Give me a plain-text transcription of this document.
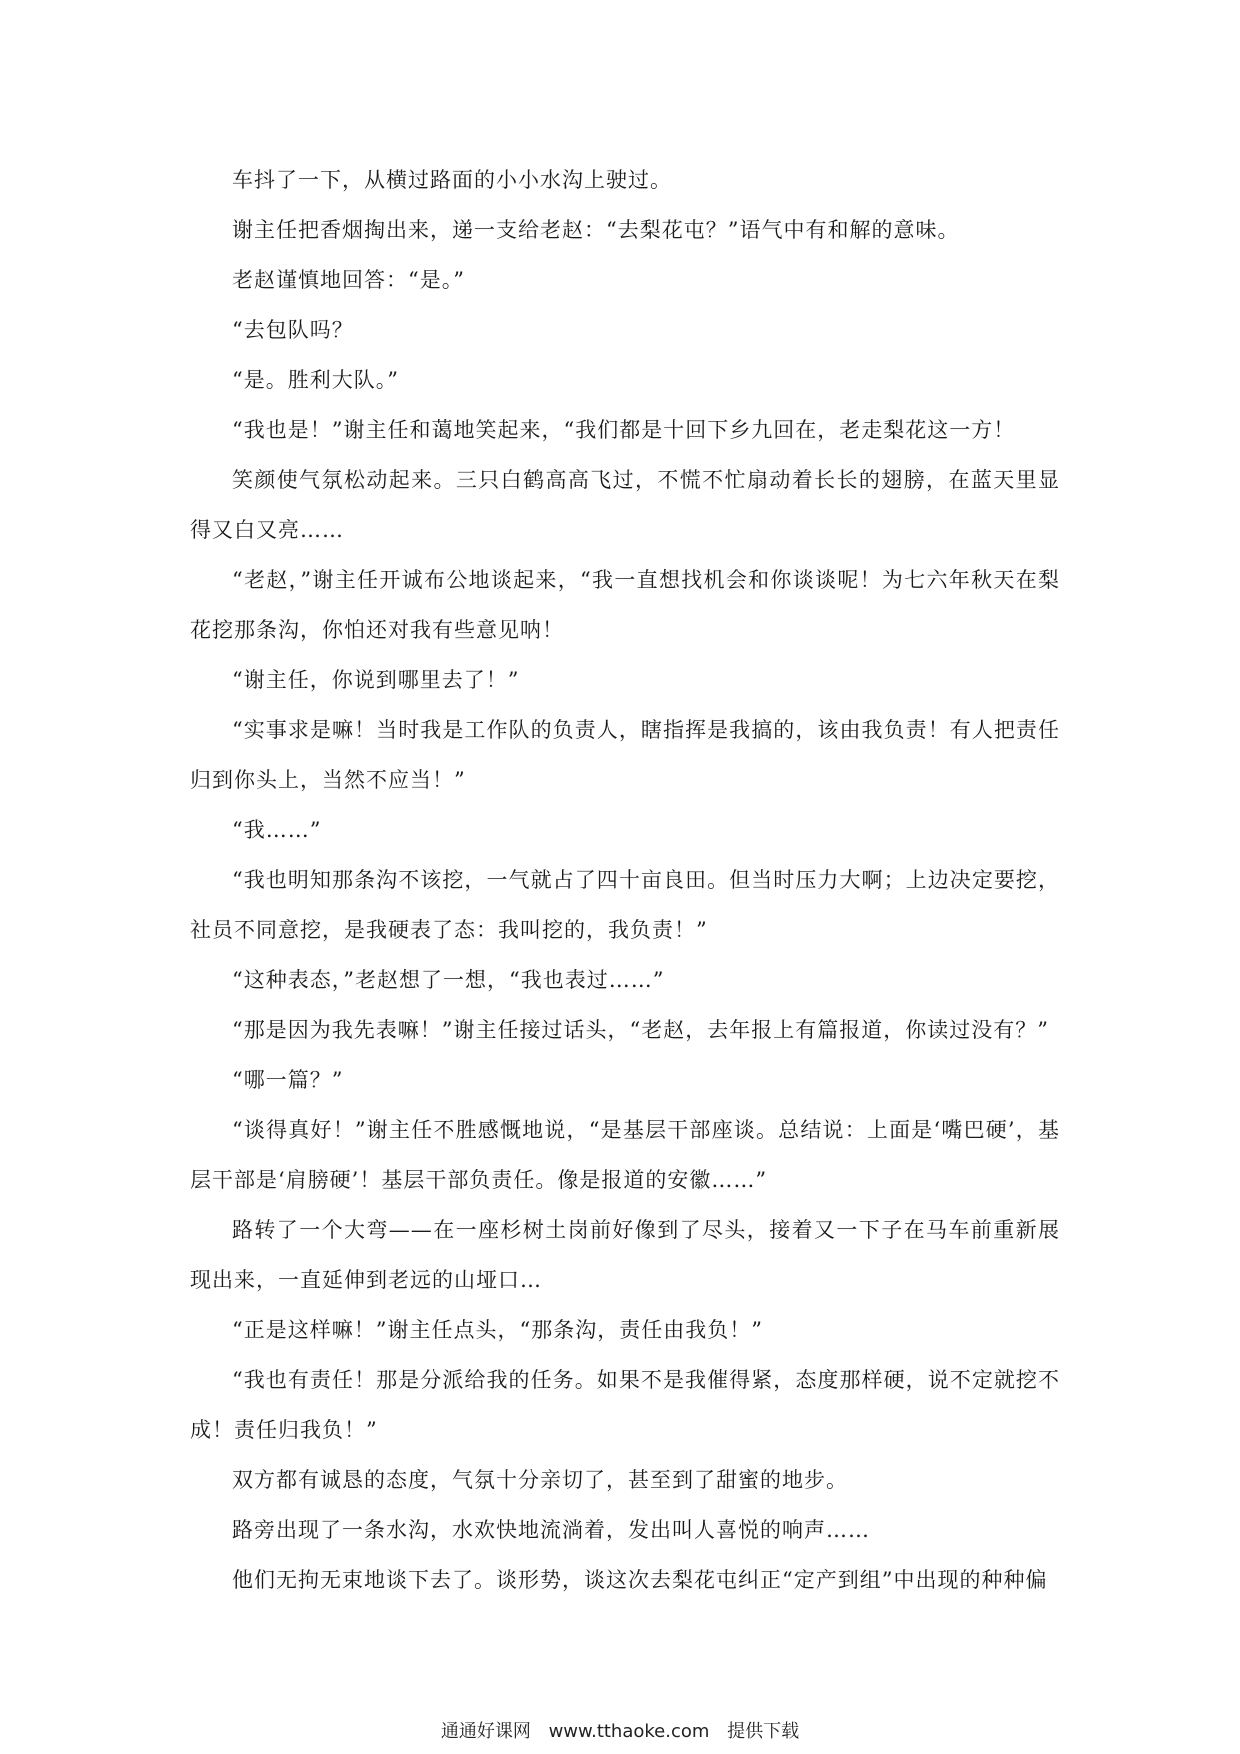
车抖了一下，从横过路面的小小水沟上驶过。

谢主任把香烟掏出来，递一支给老赵：“去梨花屯？”语气中有和解的意味。

老赵谨慎地回答：“是。”

“去包队吗？

“是。胜利大队。”

“我也是！”谢主任和蔼地笑起来，“我们都是十回下乡九回在，老走梨花这一方！

笑颜使气氛松动起来。三只白鹤高高飞过，不慌不忙扇动着长长的翅膀，在蓝天里显得又白又亮……

“老赵，”谢主任开诚布公地谈起来，“我一直想找机会和你谈谈呢！为七六年秋天在梨花挖那条沟，你怕还对我有些意见呐！

“谢主任，你说到哪里去了！”

“实事求是嘛！当时我是工作队的负责人，瞎指挥是我搞的，该由我负责！有人把责任归到你头上，当然不应当！”

“我……”

“我也明知那条沟不该挖，一气就占了四十亩良田。但当时压力大啊；上边决定要挖，社员不同意挖，是我硬表了态：我叫挖的，我负责！”

“这种表态，”老赵想了一想，“我也表过……”

“那是因为我先表嘛！”谢主任接过话头，“老赵，去年报上有篇报道，你读过没有？”

“哪一篇？”

“谈得真好！”谢主任不胜感慨地说，“是基层干部座谈。总结说：上面是‘嘴巴硬’，基层干部是‘肩膀硬’！基层干部负责任。像是报道的安徽……”

路转了一个大弯——在一座杉树土岗前好像到了尽头，接着又一下子在马车前重新展现出来，一直延伸到老远的山垭口…

“正是这样嘛！”谢主任点头，“那条沟，责任由我负！”

“我也有责任！那是分派给我的任务。如果不是我催得紧，态度那样硬，说不定就挖不成！责任归我负！”

双方都有诚恳的态度，气氛十分亲切了，甚至到了甜蜜的地步。

路旁出现了一条水沟，水欢快地流淌着，发出叫人喜悦的响声……

他们无拘无束地谈下去了。谈形势，谈这次去梨花屯纠正“定产到组”中出现的种种偏

通通好课网 www.tthaoke.com 提供下载
